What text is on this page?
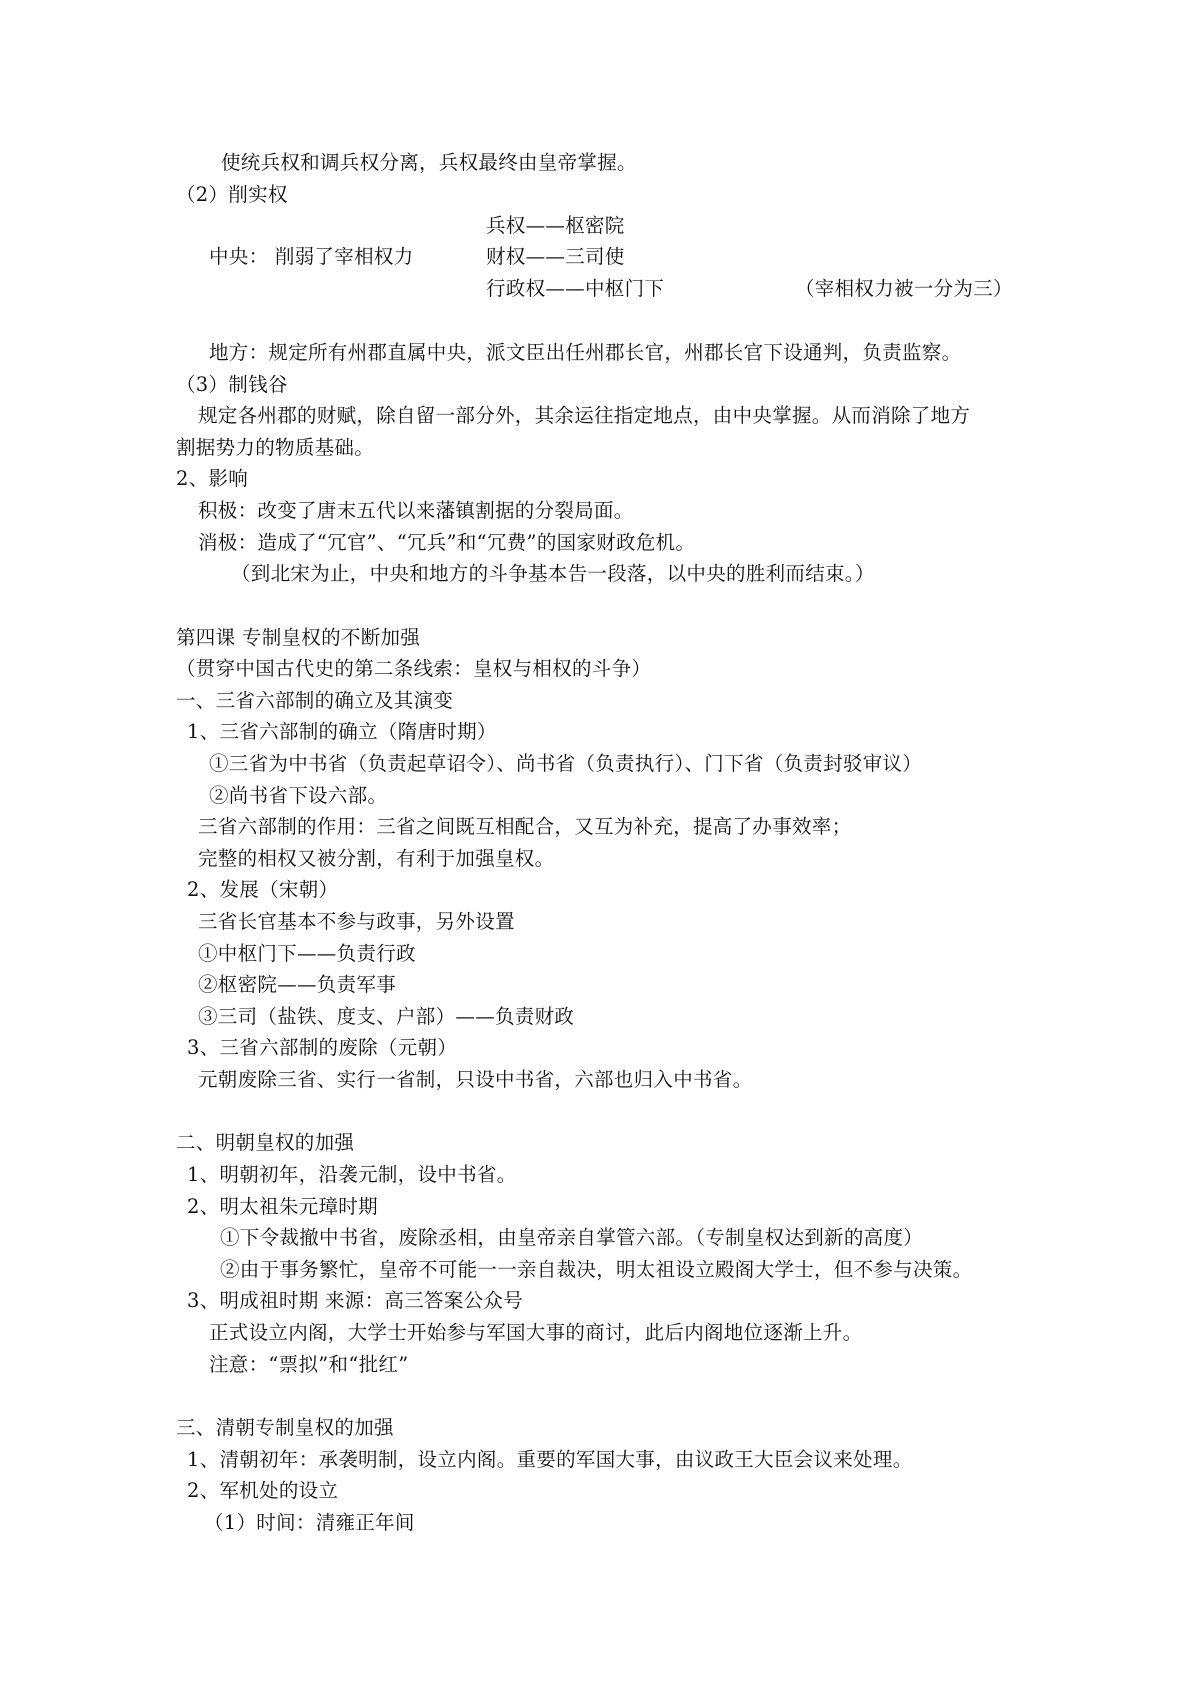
使统兵权和调兵权分离，兵权最终由皇帝掌握。

（2）削实权

兵权——枢密院

中央： 削弱了宰相权力	财权——三司使

行政权——中枢门下	（宰相权力被一分为三）

地方：规定所有州郡直属中央，派文臣出任州郡长官，州郡长官下设通判，负责监察。

（3）制钱谷

规定各州郡的财赋，除自留一部分外，其余运往指定地点，由中央掌握。从而消除了地方

割据势力的物质基础。

2、影响

积极：改变了唐末五代以来藩镇割据的分裂局面。

消极：造成了“冗官”、“冗兵”和“冗费”的国家财政危机。

（到北宋为止，中央和地方的斗争基本告一段落，以中央的胜利而结束。）

第四课 专制皇权的不断加强

（贯穿中国古代史的第二条线索：皇权与相权的斗争）

一、三省六部制的确立及其演变

1、三省六部制的确立（隋唐时期）

①三省为中书省（负责起草诏令）、尚书省（负责执行）、门下省（负责封驳审议）

②尚书省下设六部。

三省六部制的作用：三省之间既互相配合，又互为补充，提高了办事效率；

完整的相权又被分割，有利于加强皇权。

2、发展（宋朝）

三省长官基本不参与政事，另外设置

①中枢门下——负责行政

②枢密院——负责军事

③三司（盐铁、度支、户部）——负责财政

3、三省六部制的废除（元朝）

元朝废除三省、实行一省制，只设中书省，六部也归入中书省。

二、明朝皇权的加强

1、明朝初年，沿袭元制，设中书省。

2、明太祖朱元璋时期

①下令裁撤中书省，废除丞相，由皇帝亲自掌管六部。（专制皇权达到新的高度）

②由于事务繁忙，皇帝不可能一一亲自裁决，明太祖设立殿阁大学士，但不参与决策。

3、明成祖时期 来源：高三答案公众号

正式设立内阁，大学士开始参与军国大事的商讨，此后内阁地位逐渐上升。

注意：“票拟”和“批红”

三、清朝专制皇权的加强

1、清朝初年：承袭明制，设立内阁。重要的军国大事，由议政王大臣会议来处理。

2、军机处的设立

（1）时间：清雍正年间
